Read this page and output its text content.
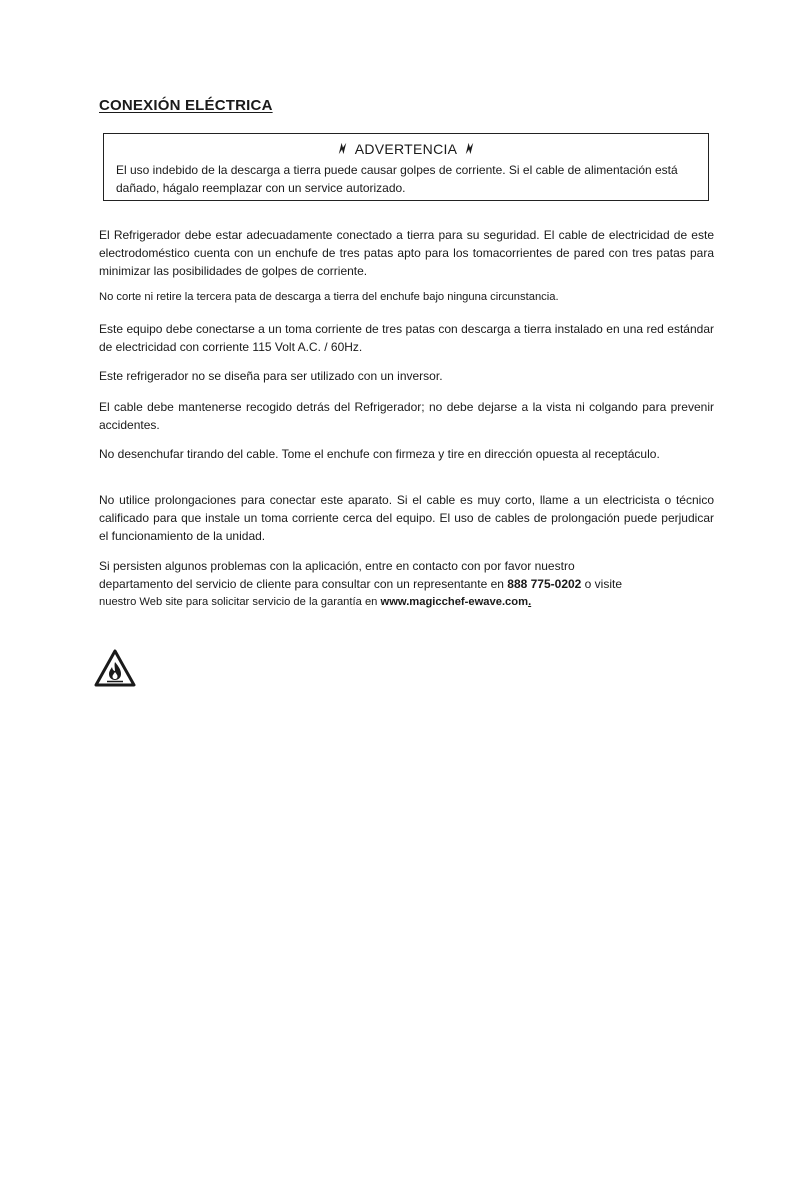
CONEXIÓN ELÉCTRICA
ADVERTENCIA
El uso indebido de la descarga a tierra puede causar golpes de corriente. Si el cable de alimentación está dañado, hágalo reemplazar con un service autorizado.
El Refrigerador debe estar adecuadamente conectado a tierra para su seguridad. El cable de electricidad de este electrodoméstico cuenta con un enchufe de tres patas apto para los tomacorrientes de pared con tres patas para minimizar las posibilidades de golpes de corriente.
No corte ni retire la tercera pata de descarga a tierra del enchufe bajo ninguna circunstancia.
Este equipo debe conectarse a un toma corriente de tres patas con descarga a tierra instalado en una red estándar de electricidad con corriente 115 Volt A.C. / 60Hz.
Este refrigerador no se diseña para ser utilizado con un inversor.
El cable debe mantenerse recogido detrás del Refrigerador; no debe dejarse a la vista ni colgando para prevenir accidentes.
No desenchufar tirando del cable. Tome el enchufe con firmeza y tire en dirección opuesta al receptáculo.
No utilice prolongaciones para conectar este aparato. Si el cable es muy corto, llame a un electricista o técnico calificado para que instale un toma corriente cerca del equipo. El uso de cables de prolongación puede perjudicar el funcionamiento de la unidad.
Si persisten algunos problemas con la aplicación, entre en contacto con por favor nuestro
departamento del servicio de cliente para consultar con un representante en 888 775-0202 o visite
nuestro Web site para solicitar servicio de la garantía en www.magicchef-ewave.com.
